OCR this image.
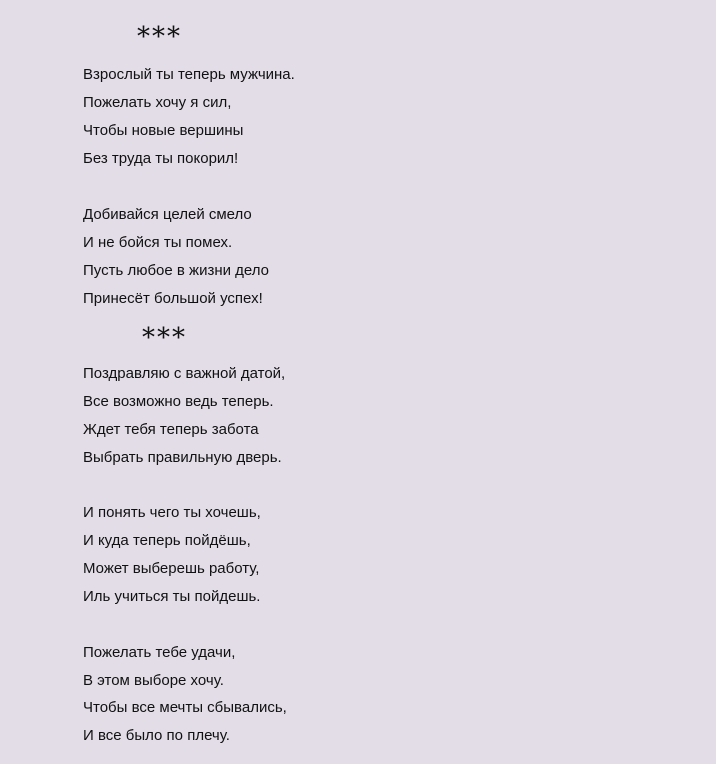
***
Взрослый ты теперь мужчина.
Пожелать хочу я сил,
Чтобы новые вершины
Без труда ты покорил!
Добивайся целей смело
И не бойся ты помех.
Пусть любое в жизни дело
Принесёт большой успех!
***
Поздравляю с важной датой,
Все возможно ведь теперь.
Ждет тебя теперь забота
Выбрать правильную дверь.
И понять чего ты хочешь,
И куда теперь пойдёшь,
Может выберешь работу,
Иль учиться ты пойдешь.
Пожелать тебе удачи,
В этом выборе хочу.
Чтобы все мечты сбывались,
И все было по плечу.
